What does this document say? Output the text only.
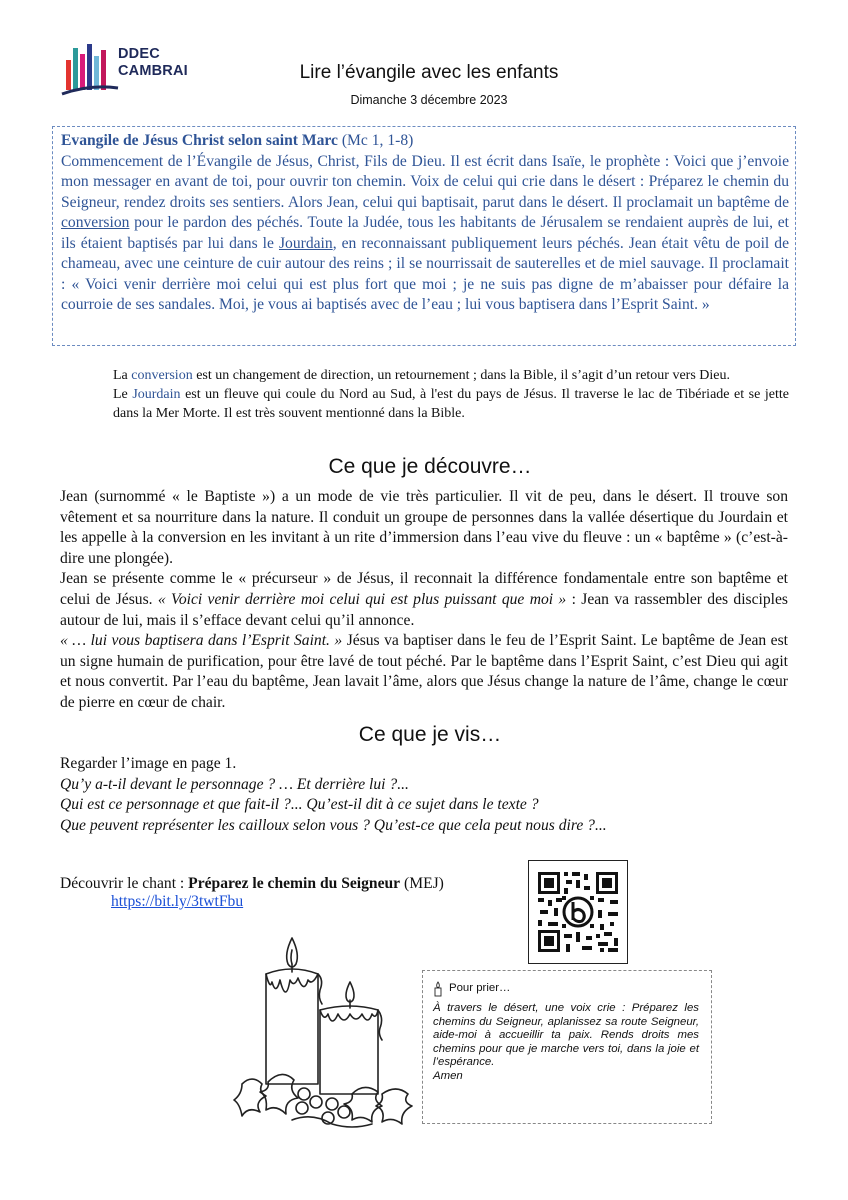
DDEC
CAMBRAI	Lire l’évangile avec les enfants
Dimanche 3 décembre 2023
Evangile de Jésus Christ selon saint Marc (Mc 1, 1-8)
Commencement de l’Évangile de Jésus, Christ, Fils de Dieu. Il est écrit dans Isaïe, le prophète : Voici que j’envoie mon messager en avant de toi, pour ouvrir ton chemin. Voix de celui qui crie dans le désert : Préparez le chemin du Seigneur, rendez droits ses sentiers. Alors Jean, celui qui baptisait, parut dans le désert. Il proclamait un baptême de conversion pour le pardon des péchés. Toute la Judée, tous les habitants de Jérusalem se rendaient auprès de lui, et ils étaient baptisés par lui dans le Jourdain, en reconnaissant publiquement leurs péchés. Jean était vêtu de poil de chameau, avec une ceinture de cuir autour des reins ; il se nourrissait de sauterelles et de miel sauvage. Il proclamait : « Voici venir derrière moi celui qui est plus fort que moi ; je ne suis pas digne de m’abaisser pour défaire la courroie de ses sandales. Moi, je vous ai baptisés avec de l’eau ; lui vous baptisera dans l’Esprit Saint. »
La conversion est un changement de direction, un retournement ; dans la Bible, il s’agit d’un retour vers Dieu.
Le Jourdain est un fleuve qui coule du Nord au Sud, à l'est du pays de Jésus. Il traverse le lac de Tibériade et se jette dans la Mer Morte. Il est très souvent mentionné dans la Bible.
Ce que je découvre…
Jean (surnommé « le Baptiste ») a un mode de vie très particulier. Il vit de peu, dans le désert. Il trouve son vêtement et sa nourriture dans la nature. Il conduit un groupe de personnes dans la vallée désertique du Jourdain et les appelle à la conversion en les invitant à un rite d’immersion dans l’eau vive du fleuve : un « baptême » (c’est-à-dire une plongée).
Jean se présente comme le « précurseur » de Jésus, il reconnait la différence fondamentale entre son baptême et celui de Jésus. « Voici venir derrière moi celui qui est plus puissant que moi » : Jean va rassembler des disciples autour de lui, mais il s’efface devant celui qu’il annonce.
« … lui vous baptisera dans l’Esprit Saint. » Jésus va baptiser dans le feu de l’Esprit Saint. Le baptême de Jean est un signe humain de purification, pour être lavé de tout péché. Par le baptême dans l’Esprit Saint, c’est Dieu qui agit et nous convertit. Par l’eau du baptême, Jean lavait l’âme, alors que Jésus change la nature de l’âme, change le cœur de pierre en cœur de chair.
Ce que je vis…
Regarder l’image en page 1.
Qu’y a-t-il devant le personnage ? … Et derrière lui ?...
Qui est ce personnage et que fait-il ?... Qu’est-il dit à ce sujet dans le texte ?
Que peuvent représenter les cailloux selon vous ? Qu’est-ce que cela peut nous dire ?...
Découvrir le chant : Préparez le chemin du Seigneur (MEJ)
https://bit.ly/3twtFbu
Pour prier…
À travers le désert, une voix crie : Préparez les chemins du Seigneur, aplanissez sa route Seigneur, aide-moi à accueillir ta paix. Rends droits mes chemins pour que je marche vers toi, dans la joie et l’espérance.
Amen
